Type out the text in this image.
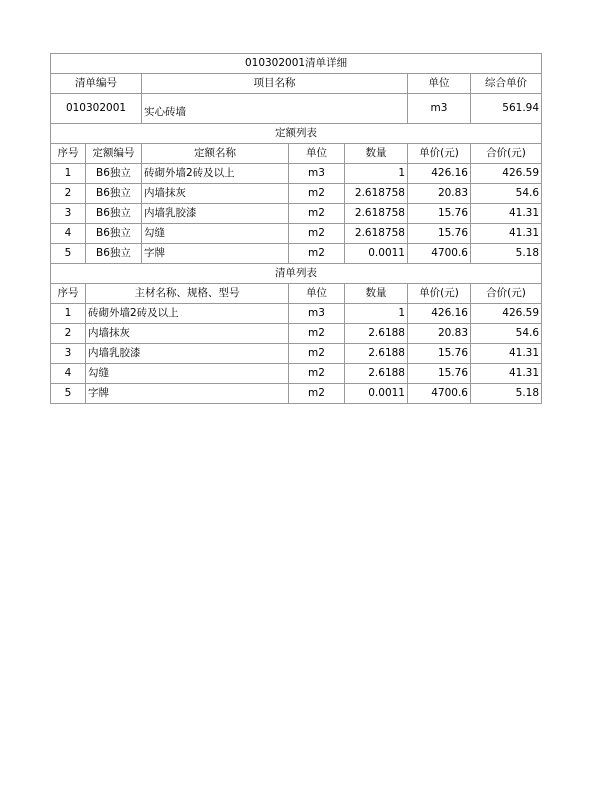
010302001清单详细						
清单编号		项目名称			单位	综合单价
010302001		实心砖墙			m3	561.94
定额列表						
序号	定额编号	定额名称	单位	数量	单价(元)	合价(元)
1	B6独立	砖砌外墙2砖及以上	m3	1	426.16	426.59
2	B6独立	内墙抹灰	m2	2.618758	20.83	54.6
3	B6独立	内墙乳胶漆	m2	2.618758	15.76	41.31
4	B6独立	勾缝	m2	2.618758	15.76	41.31
5	B6独立	字牌	m2	0.0011	4700.6	5.18
清单列表						
序号	主材名称、规格、型号		单位	数量	单价(元)	合价(元)
1	砖砌外墙2砖及以上		m3	1	426.16	426.59
2	内墙抹灰		m2	2.6188	20.83	54.6
3	内墙乳胶漆		m2	2.6188	15.76	41.31
4	勾缝		m2	2.6188	15.76	41.31
5	字牌		m2	0.0011	4700.6	5.18
